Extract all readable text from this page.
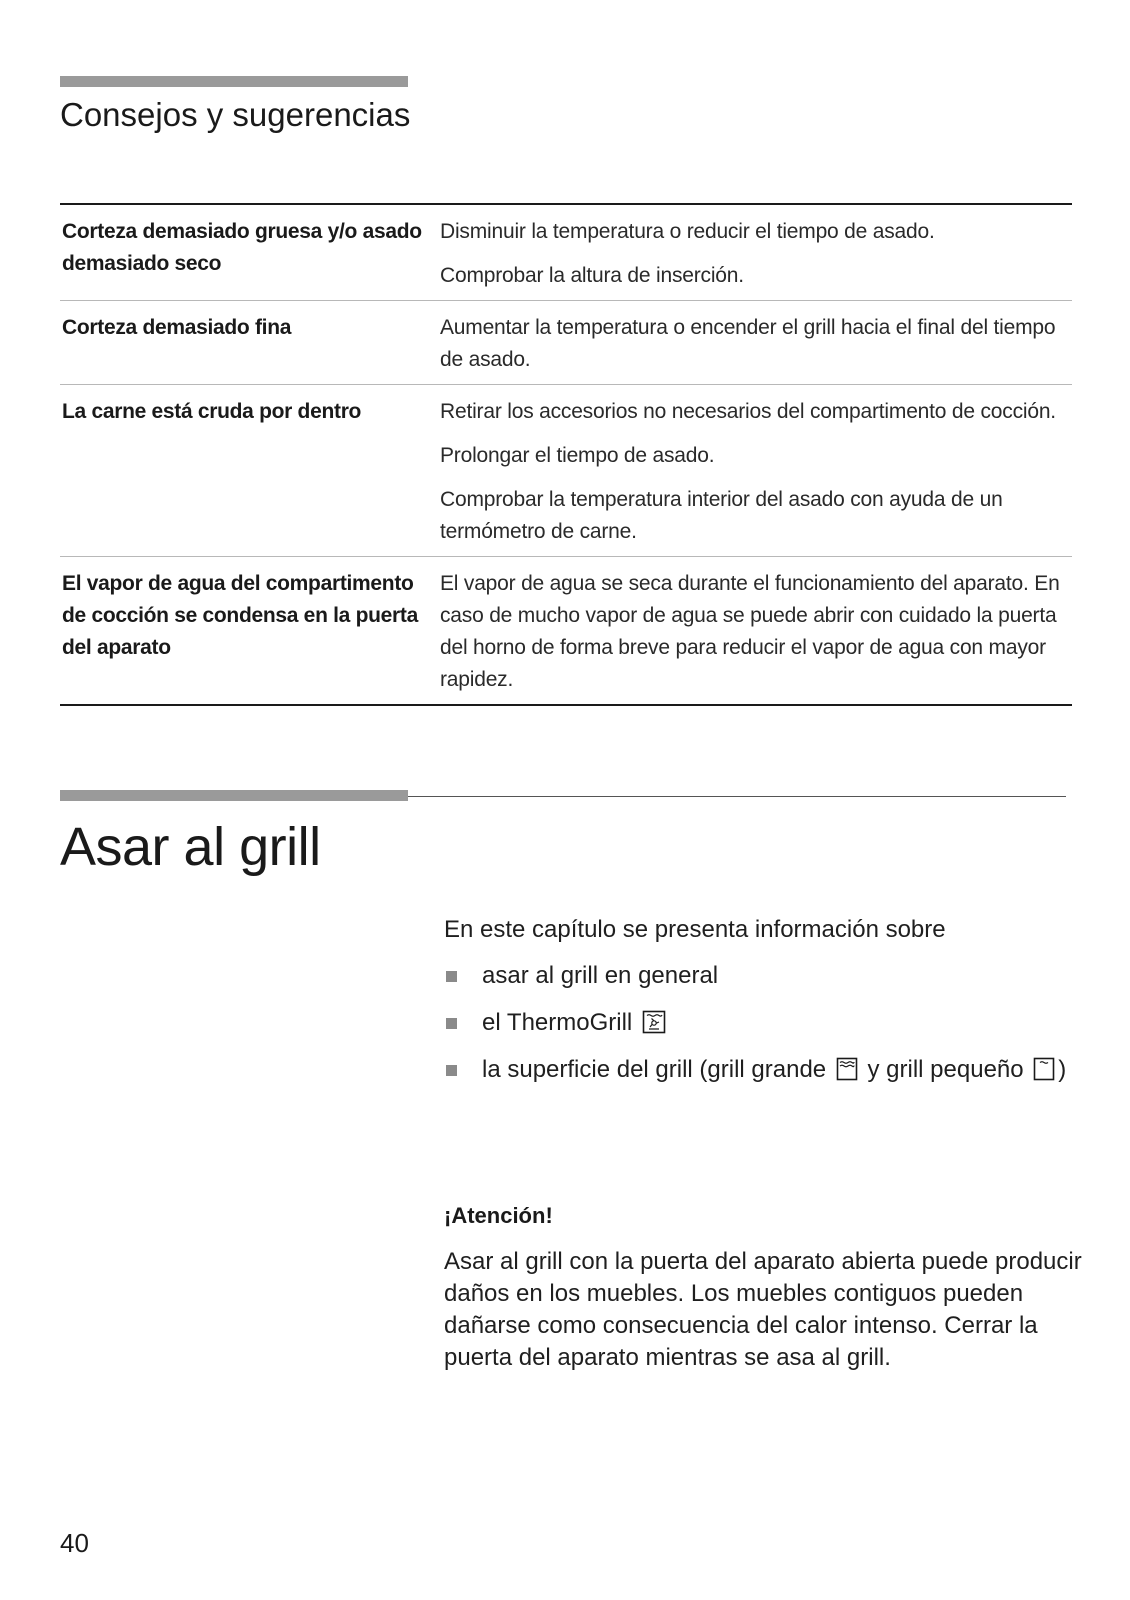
Consejos y sugerencias
Corteza demasiado gruesa y/o asado demasiado seco

Disminuir la temperatura o reducir el tiempo de asado.

Comprobar la altura de inserción.

Corteza demasiado fina	Aumentar la temperatura o encender el grill hacia el final del tiempo de asado.

La carne está cruda por dentro	Retirar los accesorios no necesarios del compartimento de cocción.

Prolongar el tiempo de asado.

Comprobar la temperatura interior del asado con ayuda de un termómetro de carne.

El vapor de agua del compartimento de cocción se condensa en la puerta del aparato

El vapor de agua se seca durante el funcionamiento del aparato. En caso de mucho vapor de agua se puede abrir con cuidado la puerta del horno de forma breve para reducir el vapor de agua con mayor rapidez.

Asar al grill

En este capítulo se presenta información sobre

asar al grill en general
el ThermoGrill
la superficie del grill (grill grande y grill pequeño )

¡Atención!

Asar al grill con la puerta del aparato abierta puede producir daños en los muebles. Los muebles contiguos pueden dañarse como consecuencia del calor intenso. Cerrar la puerta del aparato mientras se asa al grill.

40
